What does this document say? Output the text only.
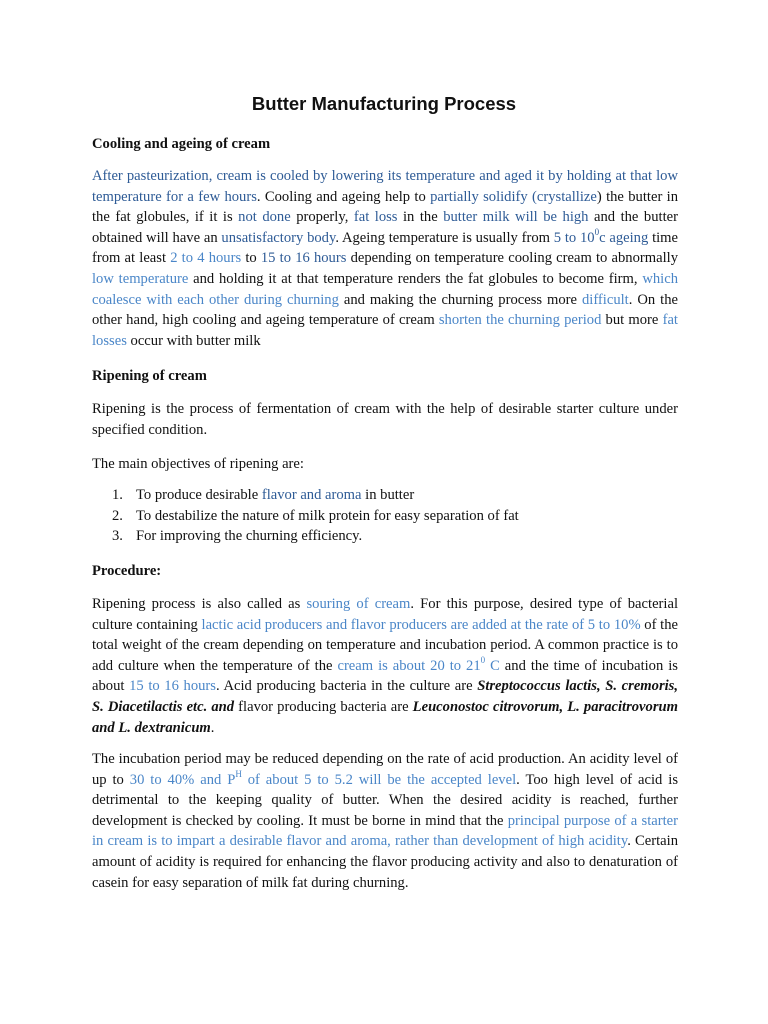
Butter Manufacturing Process
Cooling and ageing of cream

After pasteurization, cream is cooled by lowering its temperature and aged it by holding at that low temperature for a few hours. Cooling and ageing help to partially solidify (crystallize) the butter in the fat globules, if it is not done properly, fat loss in the butter milk will be high and the butter obtained will have an unsatisfactory body. Ageing temperature is usually from 5 to $10^0c$ ageing time from at least 2 to 4 hours to 15 to 16 hours depending on temperature cooling cream to abnormally low temperature and holding it at that temperature renders the fat globules to become firm, which coalesce with each other during churning and making the churning process more difficult. On the other hand, high cooling and ageing temperature of cream shorten the churning period but more fat losses occur with butter milk

Ripening of cream

Ripening is the process of fermentation of cream with the help of desirable starter culture under specified condition.

The main objectives of ripening are:

1. To produce desirable flavor and aroma in butter
2. To destabilize the nature of milk protein for easy separation of fat
3. For improving the churning efficiency.
Procedure:

Ripening process is also called as souring of cream. For this purpose, desired type of bacterial culture containing lactic acid producers and flavor producers are added at the rate of 5 to 10% of the total weight of the cream depending on temperature and incubation period. A common practice is to add culture when the temperature of the cream is about 20 to $21^0$ C and the time of incubation is about 15 to 16 hours. Acid producing bacteria in the culture are Streptococcus lactis, S. cremoris, S. Diacetilactis etc. and flavor producing bacteria are Leuconostoc citrovorum, L. paracitrovorum and L. dextranicum.

The incubation period may be reduced depending on the rate of acid production. An acidity level of up to 30 to 40% and $P^H$ of about 5 to 5.2 will be the accepted level. Too high level of acid is detrimental to the keeping quality of butter. When the desired acidity is reached, further development is checked by cooling. It must be borne in mind that the principal purpose of a starter in cream is to impart a desirable flavor and aroma, rather than development of high acidity. Certain amount of acidity is required for enhancing the flavor producing activity and also to denaturation of casein for easy separation of milk fat during churning.
